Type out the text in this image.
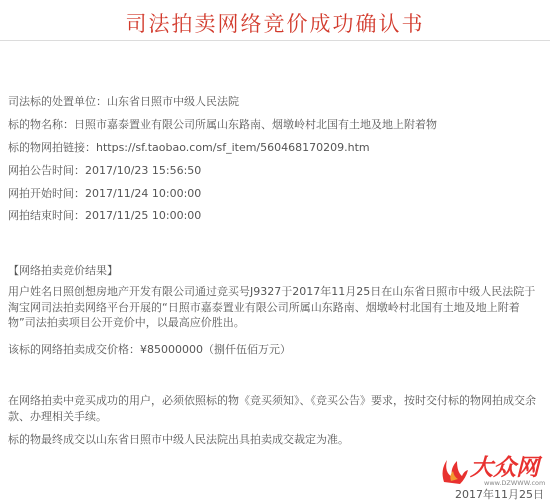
司法拍卖网络竞价成功确认书
司法标的处置单位：山东省日照市中级人民法院
标的物名称：日照市嘉泰置业有限公司所属山东路南、烟墩岭村北国有土地及地上附着物
标的物网拍链接：https://sf.taobao.com/sf_item/560468170209.htm
网拍公告时间：2017/10/23 15:56:50
网拍开始时间：2017/11/24 10:00:00
网拍结束时间：2017/11/25 10:00:00
【网络拍卖竞价结果】
用户姓名日照创想房地产开发有限公司通过竞买号J9327于2017年11月25日在山东省日照市中级人民法院于淘宝网司法拍卖网络平台开展的“日照市嘉泰置业有限公司所属山东路南、烟墩岭村北国有土地及地上附着物”司法拍卖项目公开竞价中，以最高应价胜出。
该标的网络拍卖成交价格：¥85000000（捌仟伍佰万元）
在网络拍卖中竞买成功的用户，必须依照标的物《竞买须知》、《竞买公告》要求，按时交付标的物网拍成交余款、办理相关手续。
标的物最终成交以山东省日照市中级人民法院出具拍卖成交裁定为准。
大众网
www.DZWWW.com
2017年11月25日
